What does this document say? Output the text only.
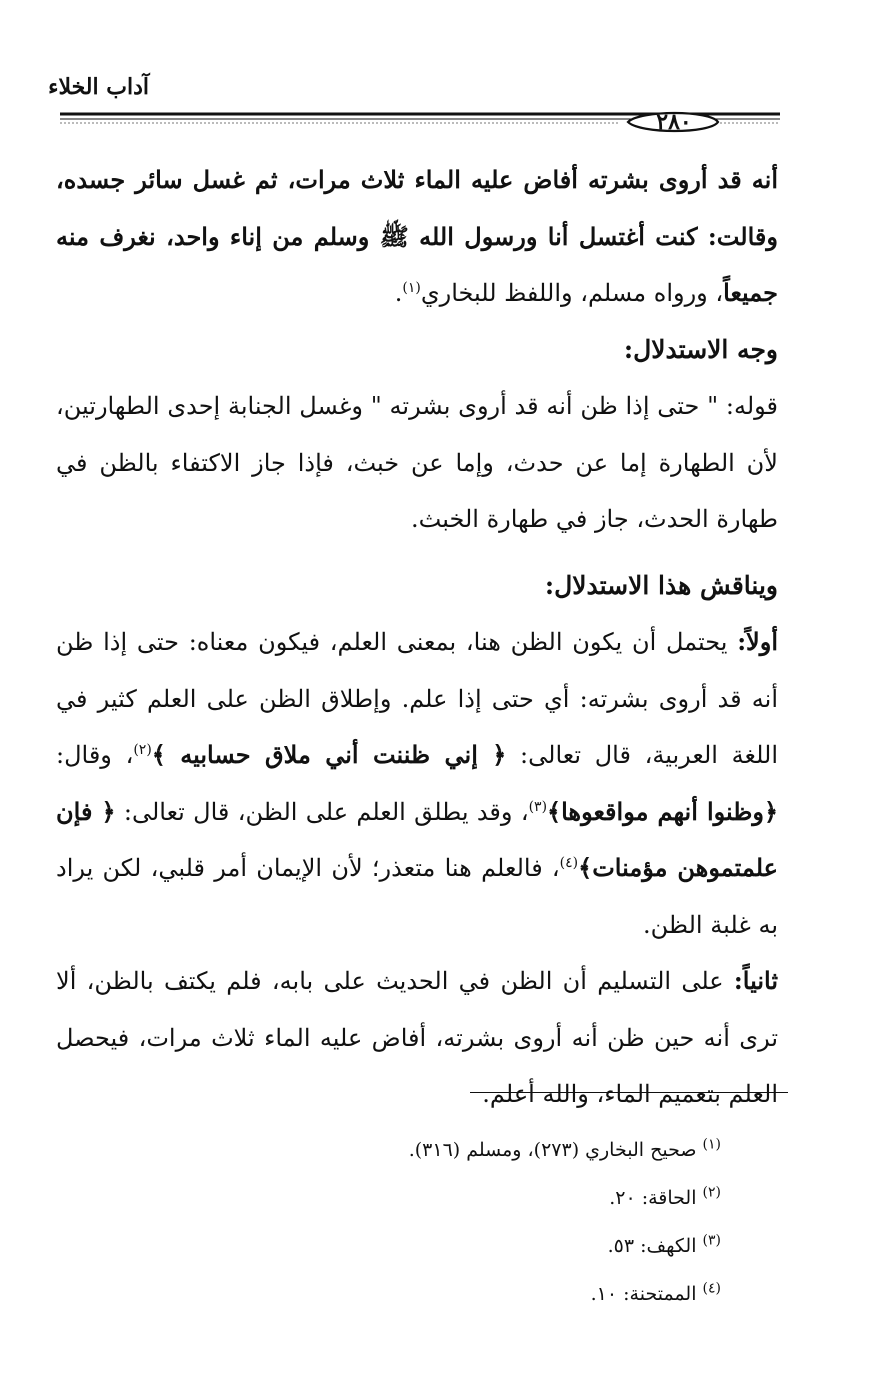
آداب الخلاء
٢٨٠

أنه قد أروى بشرته أفاض عليه الماء ثلاث مرات، ثم غسل سائر جسده، وقالت: كنت أغتسل أنا ورسول الله ﷺ وسلم من إناء واحد، نغرف منه جميعاً، ورواه مسلم، واللفظ للبخاري$^{(١)}$.

وجه الاستدلال:

قوله: " حتى إذا ظن أنه قد أروى بشرته " وغسل الجنابة إحدى الطهارتين، لأن الطهارة إما عن حدث، وإما عن خبث، فإذا جاز الاكتفاء بالظن في طهارة الحدث، جاز في طهارة الخبث.

ويناقش هذا الاستدلال:

أولاً: يحتمل أن يكون الظن هنا، بمعنى العلم، فيكون معناه: حتى إذا ظن أنه قد أروى بشرته: أي حتى إذا علم. وإطلاق الظن على العلم كثير في اللغة العربية، قال تعالى: ﴿ إني ظننت أني ملاق حسابيه ﴾$^{(٢)}$، وقال: ﴿وظنوا أنهم مواقعوها﴾$^{(٣)}$، وقد يطلق العلم على الظن، قال تعالى: ﴿ فإن علمتموهن مؤمنات﴾$^{(٤)}$، فالعلم هنا متعذر؛ لأن الإيمان أمر قلبي، لكن يراد به غلبة الظن.

ثانياً: على التسليم أن الظن في الحديث على بابه، فلم يكتف بالظن، ألا ترى أنه حين ظن أنه أروى بشرته، أفاض عليه الماء ثلاث مرات، فيحصل العلم بتعميم الماء، والله أعلم.

$^{(١)}$ صحيح البخاري (٢٧٣)، ومسلم (٣١٦).

$^{(٢)}$ الحاقة: ٢٠.

$^{(٣)}$ الكهف: ٥٣.

$^{(٤)}$ الممتحنة: ١٠.
